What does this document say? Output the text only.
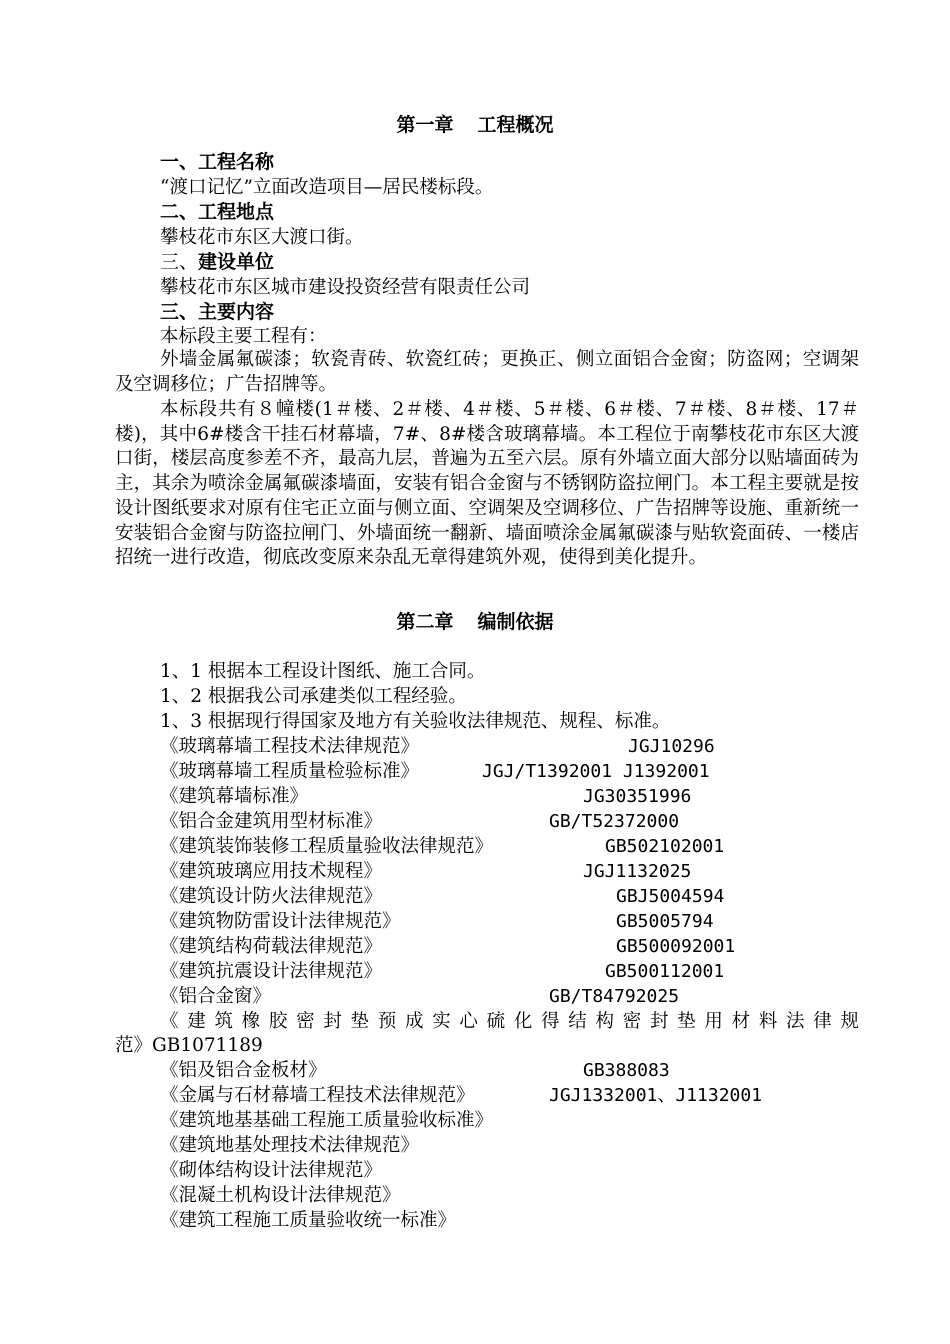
第一章 工程概况
一、工程名称
“渡口记忆”立面改造项目—居民楼标段。
二、工程地点
攀枝花市东区大渡口街。
三、建设单位
攀枝花市东区城市建设投资经营有限责任公司
三、主要内容
本标段主要工程有：
外墙金属氟碳漆；软瓷青砖、软瓷红砖；更换正、侧立面铝合金窗；防盗网；空调架及空调移位；广告招牌等。
本标段共有８幢楼(1＃楼、2＃楼、4＃楼、5＃楼、6＃楼、7＃楼、8＃楼、17＃楼)，其中6#楼含干挂石材幕墙，7#、8#楼含玻璃幕墙。本工程位于南攀枝花市东区大渡口街，楼层高度参差不齐，最高九层，普遍为五至六层。原有外墙立面大部分以贴墙面砖为主，其余为喷涂金属氟碳漆墙面，安装有铝合金窗与不锈钢防盗拉闸门。本工程主要就是按设计图纸要求对原有住宅正立面与侧立面、空调架及空调移位、广告招牌等设施、重新统一安装铝合金窗与防盗拉闸门、外墙面统一翻新、墙面喷涂金属氟碳漆与贴软瓷面砖、一楼店招统一进行改造，彻底改变原来杂乱无章得建筑外观，使得到美化提升。
第二章 编制依据
1、1 根据本工程设计图纸、施工合同。
1、2 根据我公司承建类似工程经验。
1、3 根据现行得国家及地方有关验收法律规范、规程、标准。
《玻璃幕墙工程技术法律规范》	JGJ10296
《玻璃幕墙工程质量检验标准》	JGJ/T1392001 J1392001
《建筑幕墙标准》	JG30351996
《铝合金建筑用型材标准》	GB/T52372000
《建筑装饰装修工程质量验收法律规范》	GB502102001
《建筑玻璃应用技术规程》	JGJ1132025
《建筑设计防火法律规范》	GBJ5004594
《建筑物防雷设计法律规范》	GB5005794
《建筑结构荷载法律规范》	GB500092001
《建筑抗震设计法律规范》	GB500112001
《铝合金窗》	GB/T84792025
《建筑橡胶密封垫预成实心硫化得结构密封垫用材料法律规
范》GB1071189
《铝及铝合金板材》	GB388083
《金属与石材幕墙工程技术法律规范》	JGJ1332001、J1132001
《建筑地基基础工程施工质量验收标准》
《建筑地基处理技术法律规范》
《砌体结构设计法律规范》
《混凝土机构设计法律规范》
《建筑工程施工质量验收统一标准》
